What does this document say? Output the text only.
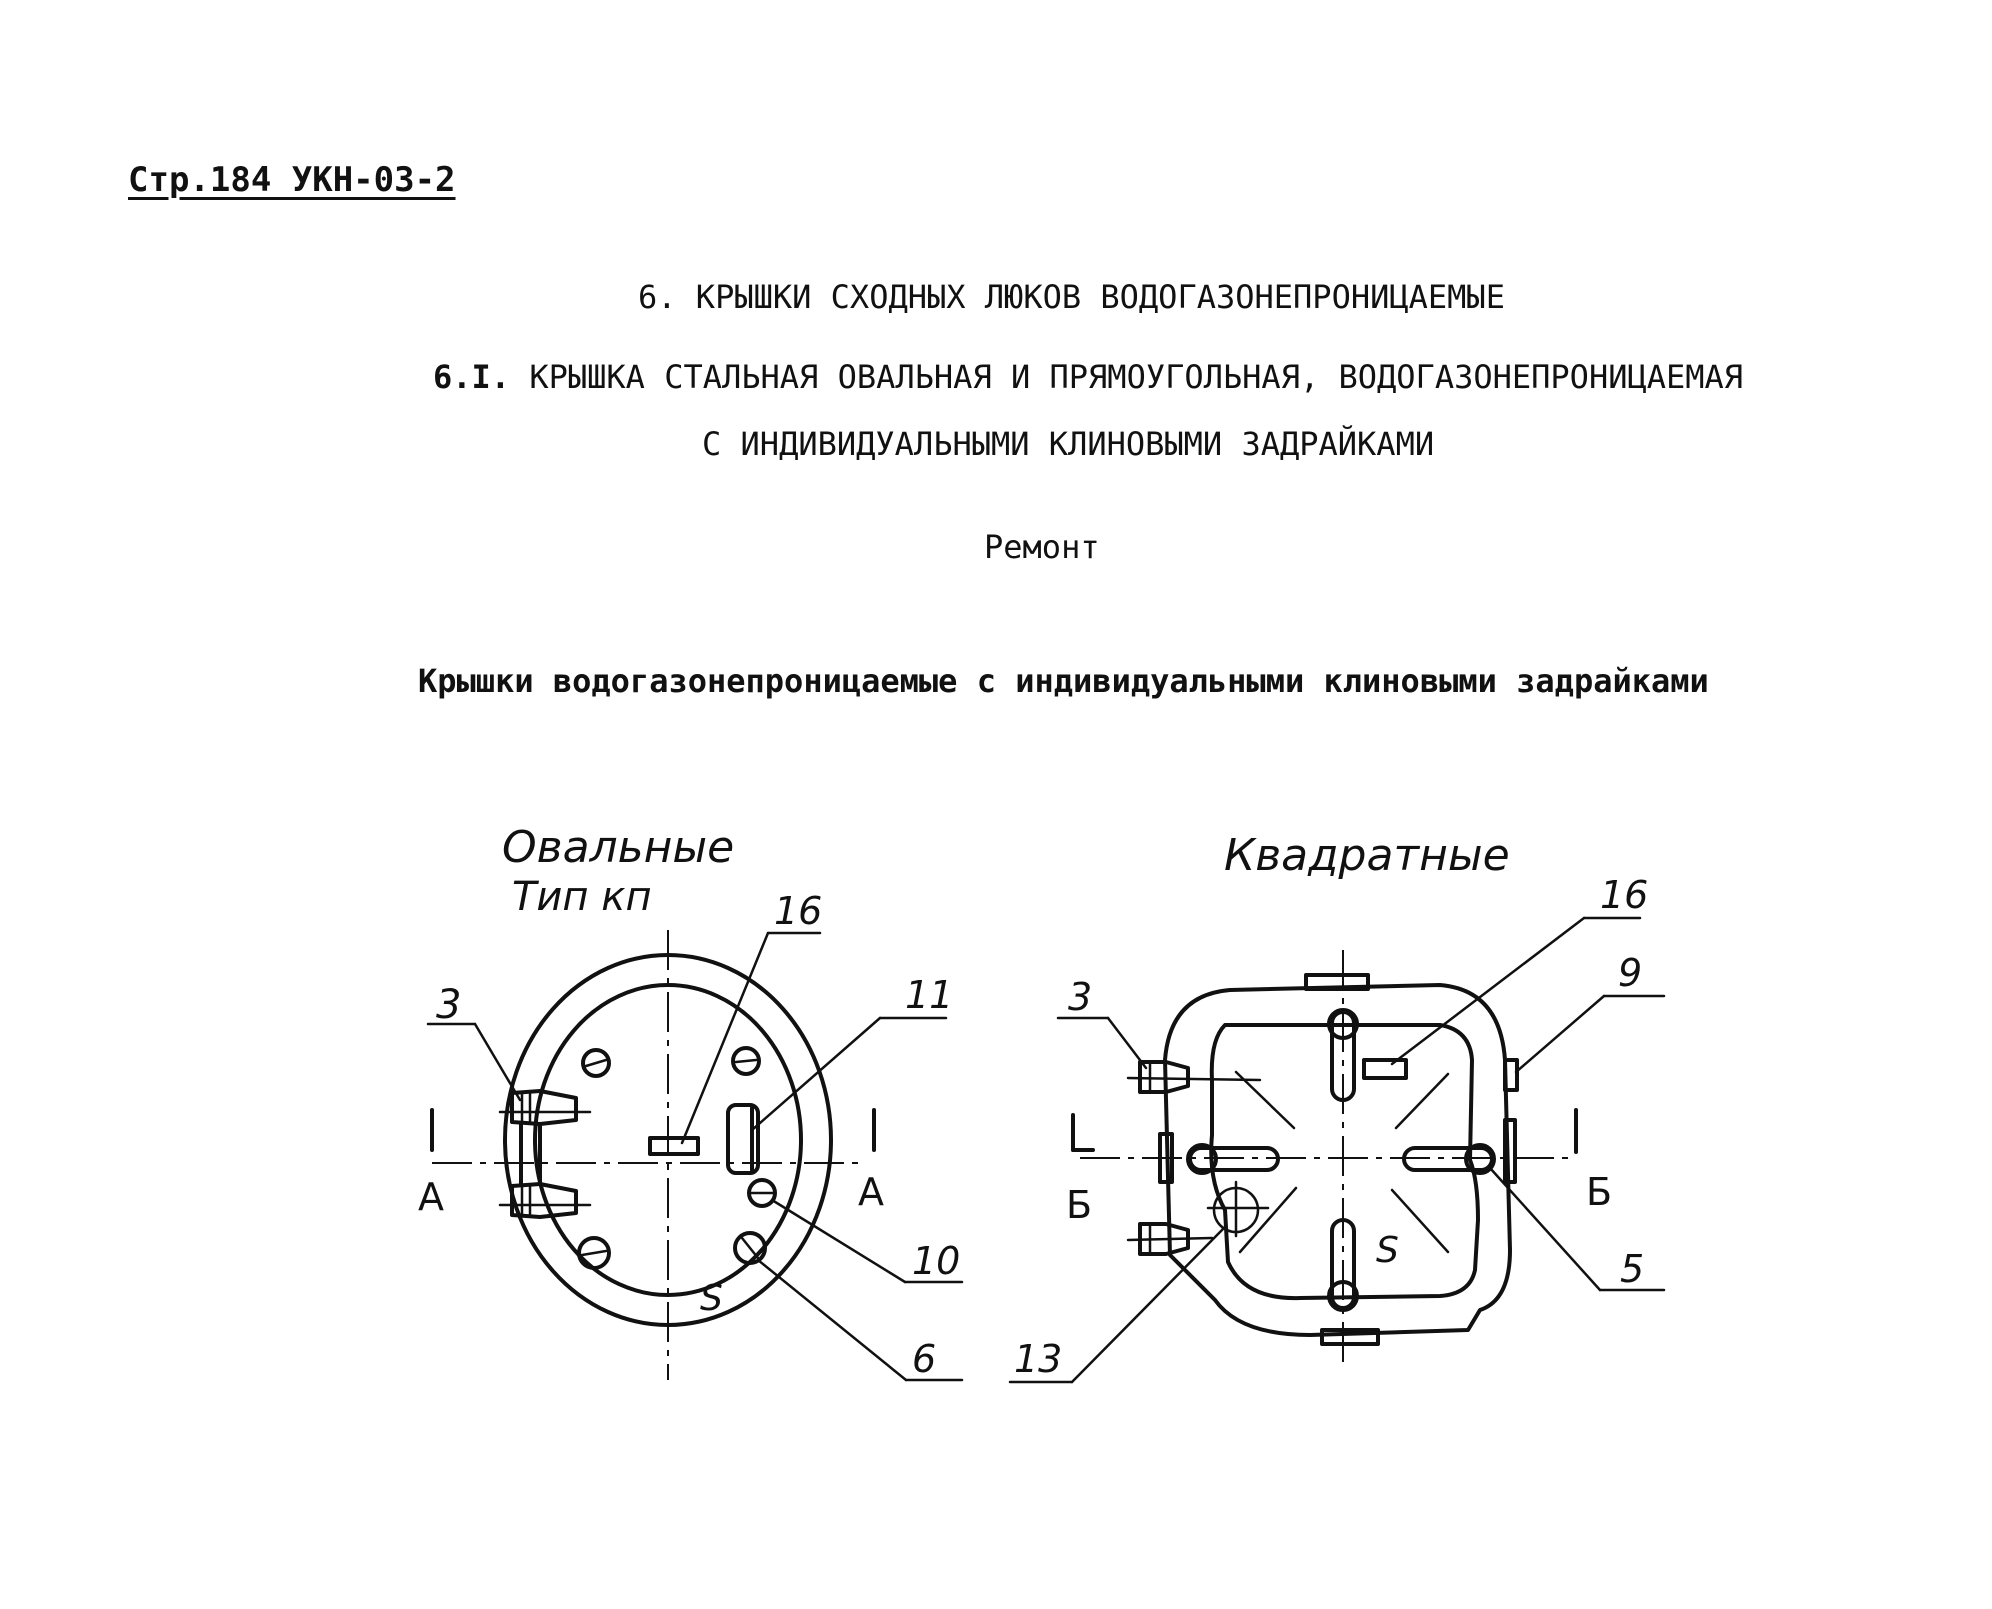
Стр.184 УКН-03-2
6. КРЫШКИ СХОДНЫХ ЛЮКОВ ВОДОГАЗОНЕПРОНИЦАЕМЫЕ
6.I. КРЫШКА СТАЛЬНАЯ ОВАЛЬНАЯ И ПРЯМОУГОЛЬНАЯ, ВОДОГАЗОНЕПРОНИЦАЕМАЯ
С ИНДИВИДУАЛЬНЫМИ КЛИНОВЫМИ ЗАДРАЙКАМИ
Ремонт
Крышки водогазонепроницаемые с индивидуальными клиновыми задрайками
Овальные
Тип кп
А	А
S
3
16
11
10
6
Квадратные
Б	Б
S
3
16
9
5
13
